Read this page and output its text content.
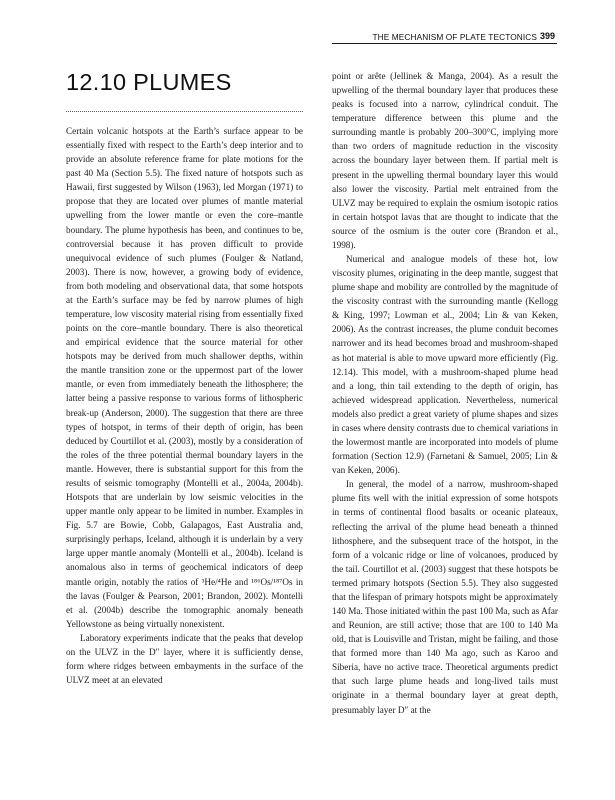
THE MECHANISM OF PLATE TECTONICS 399
12.10 PLUMES

Certain volcanic hotspots at the Earth’s surface appear to be essentially fixed with respect to the Earth’s deep interior and to provide an absolute reference frame for plate motions for the past 40 Ma (Section 5.5). The fixed nature of hotspots such as Hawaii, first suggested by Wilson (1963), led Morgan (1971) to propose that they are located over plumes of mantle material upwelling from the lower mantle or even the core–mantle boundary. The plume hypothesis has been, and continues to be, controversial because it has proven difficult to provide unequivocal evidence of such plumes (Foulger & Natland, 2003). There is now, however, a growing body of evidence, from both modeling and observational data, that some hotspots at the Earth’s surface may be fed by narrow plumes of high temperature, low viscosity material rising from essentially fixed points on the core–mantle boundary. There is also theoretical and empirical evidence that the source material for other hotspots may be derived from much shallower depths, within the mantle transition zone or the uppermost part of the lower mantle, or even from immediately beneath the lithosphere; the latter being a passive response to various forms of lithospheric break-up (Anderson, 2000). The suggestion that there are three types of hotspot, in terms of their depth of origin, has been deduced by Courtillot et al. (2003), mostly by a consideration of the roles of the three potential thermal boundary layers in the mantle. However, there is substantial support for this from the results of seismic tomography (Montelli et al., 2004a, 2004b). Hotspots that are underlain by low seismic velocities in the upper mantle only appear to be limited in number. Examples in Fig. 5.7 are Bowie, Cobb, Galapagos, East Australia and, surprisingly perhaps, Iceland, although it is underlain by a very large upper mantle anomaly (Montelli et al., 2004b). Iceland is anomalous also in terms of geochemical indicators of deep mantle origin, notably the ratios of ³He/⁴He and ¹⁸⁶Os/¹⁸⁷Os in the lavas (Foulger & Pearson, 2001; Brandon, 2002). Montelli et al. (2004b) describe the tomographic anomaly beneath Yellowstone as being virtually nonexistent.

Laboratory experiments indicate that the peaks that develop on the ULVZ in the D″ layer, where it is sufficiently dense, form where ridges between embayments in the surface of the ULVZ meet at an elevated

point or arête (Jellinek & Manga, 2004). As a result the upwelling of the thermal boundary layer that produces these peaks is focused into a narrow, cylindrical conduit. The temperature difference between this plume and the surrounding mantle is probably 200–300°C, implying more than two orders of magnitude reduction in the viscosity across the boundary layer between them. If partial melt is present in the upwelling thermal boundary layer this would also lower the viscosity. Partial melt entrained from the ULVZ may be required to explain the osmium isotopic ratios in certain hotspot lavas that are thought to indicate that the source of the osmium is the outer core (Brandon et al., 1998).

Numerical and analogue models of these hot, low viscosity plumes, originating in the deep mantle, suggest that plume shape and mobility are controlled by the magnitude of the viscosity contrast with the surrounding mantle (Kellogg & King, 1997; Lowman et al., 2004; Lin & van Keken, 2006). As the contrast increases, the plume conduit becomes narrower and its head becomes broad and mushroom-shaped as hot material is able to move upward more efficiently (Fig. 12.14). This model, with a mushroom-shaped plume head and a long, thin tail extending to the depth of origin, has achieved widespread application. Nevertheless, numerical models also predict a great variety of plume shapes and sizes in cases where density contrasts due to chemical variations in the lowermost mantle are incorporated into models of plume formation (Section 12.9) (Farnetani & Samuel, 2005; Lin & van Keken, 2006).

In general, the model of a narrow, mushroom-shaped plume fits well with the initial expression of some hotspots in terms of continental flood basalts or oceanic plateaux, reflecting the arrival of the plume head beneath a thinned lithosphere, and the subsequent trace of the hotspot, in the form of a volcanic ridge or line of volcanoes, produced by the tail. Courtillot et al. (2003) suggest that these hotspots be termed primary hotspots (Section 5.5). They also suggested that the lifespan of primary hotspots might be approximately 140 Ma. Those initiated within the past 100 Ma, such as Afar and Reunion, are still active; those that are 100 to 140 Ma old, that is Louisville and Tristan, might be failing, and those that formed more than 140 Ma ago, such as Karoo and Siberia, have no active trace. Theoretical arguments predict that such large plume heads and long-lived tails must originate in a thermal boundary layer at great depth, presumably layer D″ at the
